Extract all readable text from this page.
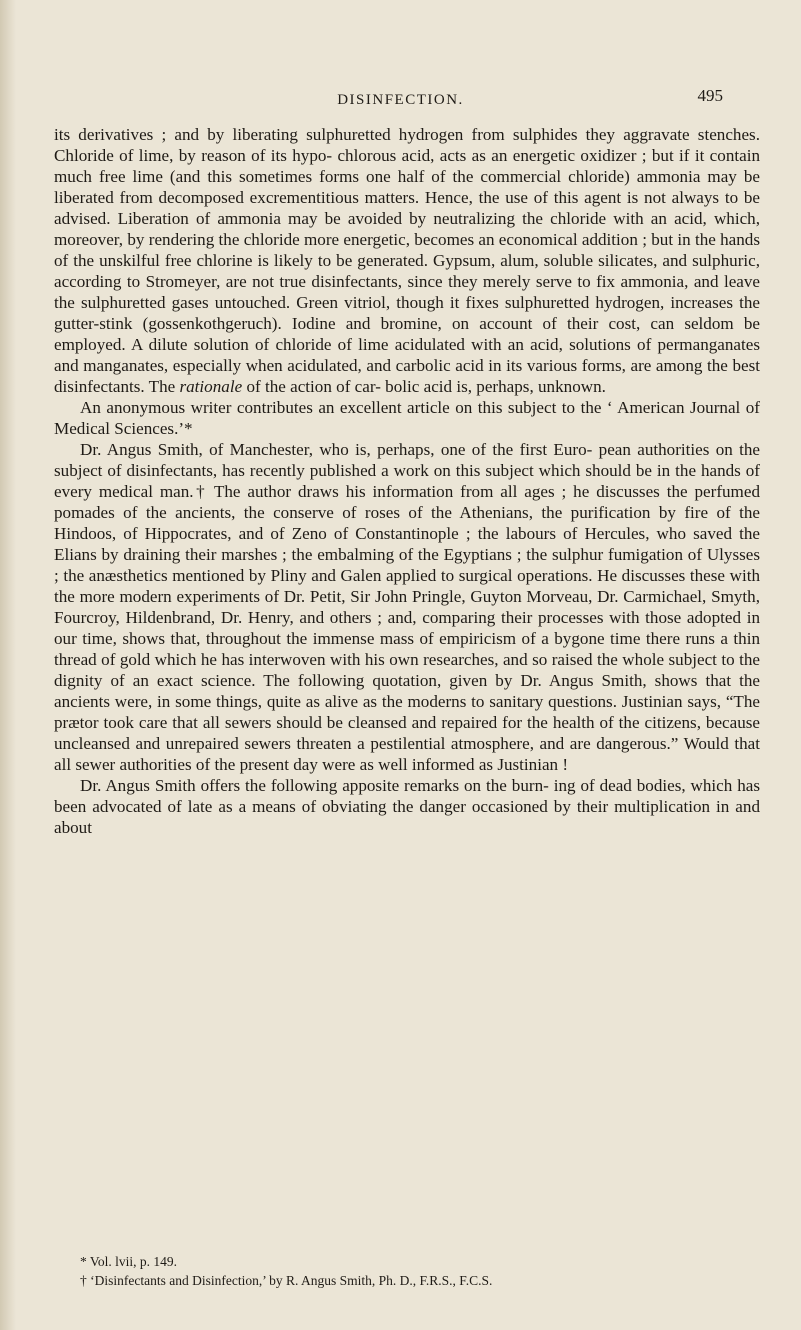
DISINFECTION.	495

its derivatives ; and by liberating sulphuretted hydrogen from sulphides they aggravate stenches. Chloride of lime, by reason of its hypo- chlorous acid, acts as an energetic oxidizer ; but if it contain much free lime (and this sometimes forms one half of the commercial chloride) ammonia may be liberated from decomposed excrementitious matters. Hence, the use of this agent is not always to be advised. Liberation of ammonia may be avoided by neutralizing the chloride with an acid, which, moreover, by rendering the chloride more energetic, becomes an economical addition ; but in the hands of the unskilful free chlorine is likely to be generated. Gypsum, alum, soluble silicates, and sulphuric, according to Stromeyer, are not true disinfectants, since they merely serve to fix ammonia, and leave the sulphuretted gases untouched. Green vitriol, though it fixes sulphuretted hydrogen, increases the gutter-stink (gossenkothgeruch). Iodine and bromine, on account of their cost, can seldom be employed. A dilute solution of chloride of lime acidulated with an acid, solutions of permanganates and manganates, especially when acidulated, and carbolic acid in its various forms, are among the best disinfectants. The rationale of the action of car- bolic acid is, perhaps, unknown.

An anonymous writer contributes an excellent article on this subject to the ‘ American Journal of Medical Sciences.’*

Dr. Angus Smith, of Manchester, who is, perhaps, one of the first Euro- pean authorities on the subject of disinfectants, has recently published a work on this subject which should be in the hands of every medical man.† The author draws his information from all ages ; he discusses the perfumed pomades of the ancients, the conserve of roses of the Athenians, the purification by fire of the Hindoos, of Hippocrates, and of Zeno of Constantinople ; the labours of Hercules, who saved the Elians by draining their marshes ; the embalming of the Egyptians ; the sulphur fumigation of Ulysses ; the anæsthetics mentioned by Pliny and Galen applied to surgical operations. He discusses these with the more modern experiments of Dr. Petit, Sir John Pringle, Guyton Morveau, Dr. Carmichael, Smyth, Fourcroy, Hildenbrand, Dr. Henry, and others ; and, comparing their processes with those adopted in our time, shows that, throughout the immense mass of empiricism of a bygone time there runs a thin thread of gold which he has interwoven with his own researches, and so raised the whole subject to the dignity of an exact science. The following quotation, given by Dr. Angus Smith, shows that the ancients were, in some things, quite as alive as the moderns to sanitary questions. Justinian says, “The prætor took care that all sewers should be cleansed and repaired for the health of the citizens, because uncleansed and unrepaired sewers threaten a pestilential atmosphere, and are dangerous.” Would that all sewer authorities of the present day were as well informed as Justinian !

Dr. Angus Smith offers the following apposite remarks on the burn- ing of dead bodies, which has been advocated of late as a means of obviating the danger occasioned by their multiplication in and about

* Vol. lvii, p. 149.
† ‘Disinfectants and Disinfection,’ by R. Angus Smith, Ph. D., F.R.S., F.C.S.
